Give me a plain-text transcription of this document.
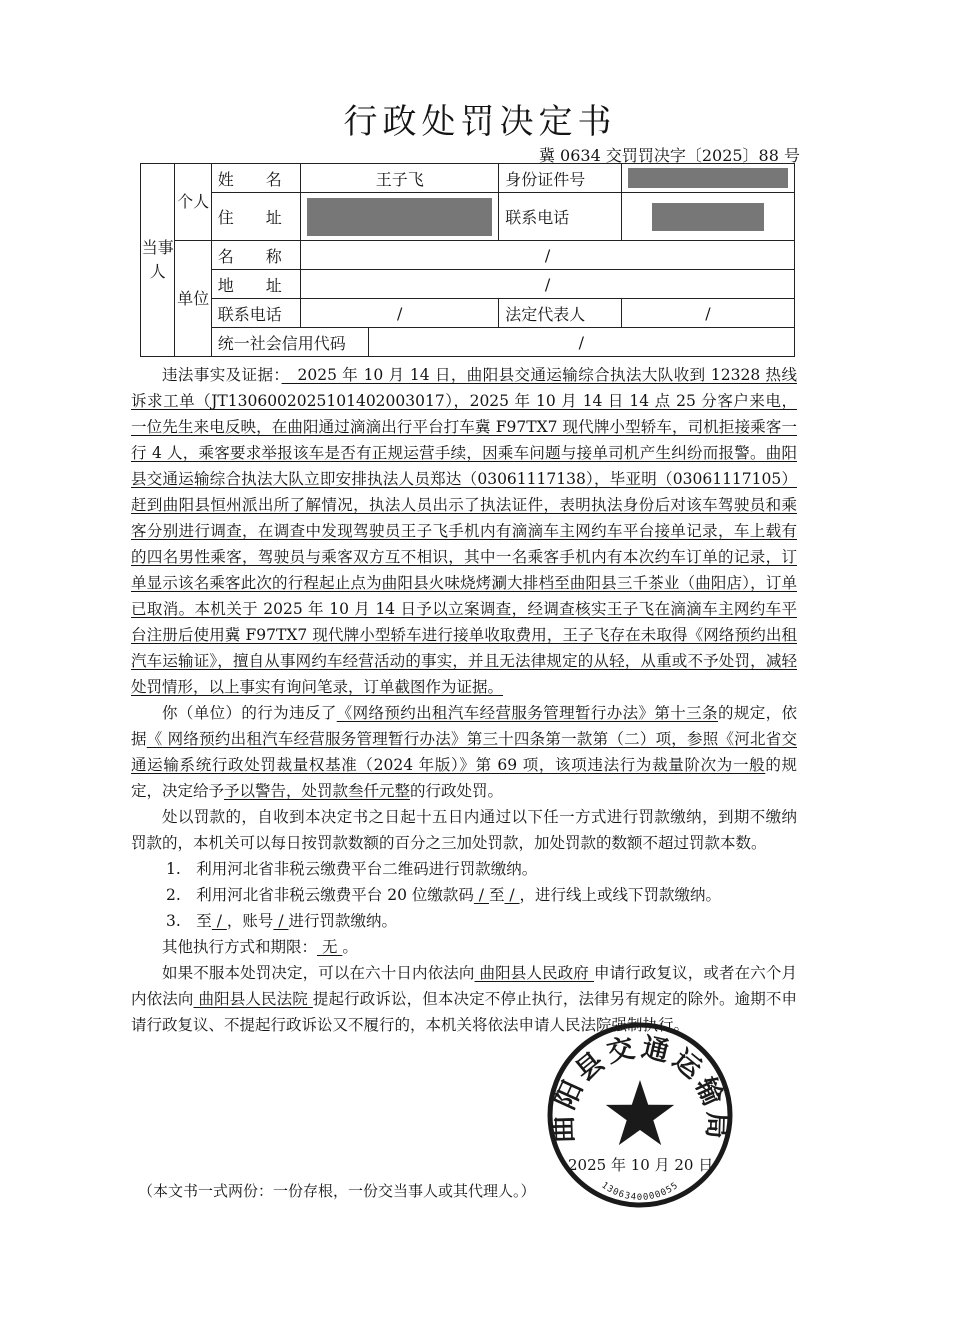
行政处罚决定书
冀 0634 交罚罚决字〔2025〕88 号
当事人	个人	姓　　名	王子飞		身份证件号	
		住　　址			联系电话	
	单位	名　　称	/			
		地　　址	/			
		联系电话	/		法定代表人	/
		统一社会信用代码		/		

违法事实及证据：　2025 年 10 月 14 日，曲阳县交通运输综合执法大队收到 12328 热线诉求工单（JT1306002025101402003017），2025 年 10 月 14 日 14 点 25 分客户来电，一位先生来电反映，在曲阳通过滴滴出行平台打车冀 F97TX7 现代牌小型轿车，司机拒接乘客一行 4 人，乘客要求举报该车是否有正规运营手续，因乘车问题与接单司机产生纠纷而报警。曲阳县交通运输综合执法大队立即安排执法人员郑达（03061117138），毕亚明（03061117105）赶到曲阳县恒州派出所了解情况，执法人员出示了执法证件，表明执法身份后对该车驾驶员和乘客分别进行调查，在调查中发现驾驶员王子飞手机内有滴滴车主网约车平台接单记录，车上载有的四名男性乘客，驾驶员与乘客双方互不相识，其中一名乘客手机内有本次约车订单的记录，订单显示该名乘客此次的行程起止点为曲阳县火味烧烤涮大排档至曲阳县三千茶业（曲阳店），订单已取消。本机关于 2025 年 10 月 14 日予以立案调查，经调查核实王子飞在滴滴车主网约车平台注册后使用冀 F97TX7 现代牌小型轿车进行接单收取费用，王子飞存在未取得《网络预约出租汽车运输证》，擅自从事网约车经营活动的事实，并且无法律规定的从轻，从重或不予处罚，减轻处罚情形，以上事实有询问笔录，订单截图作为证据。

你（单位）的行为违反了《网络预约出租汽车经营服务管理暂行办法》第十三条的规定，依据《 网络预约出租汽车经营服务管理暂行办法》第三十四条第一款第（二）项，参照《河北省交通运输系统行政处罚裁量权基准（2024 年版）》第 69 项，该项违法行为裁量阶次为一般的规定，决定给予予以警告，处罚款叁仟元整的行政处罚。

处以罚款的，自收到本决定书之日起十五日内通过以下任一方式进行罚款缴纳，到期不缴纳罚款的，本机关可以每日按罚款数额的百分之三加处罚款，加处罚款的数额不超过罚款本数。

1.　利用河北省非税云缴费平台二维码进行罚款缴纳。

2.　利用河北省非税云缴费平台 20 位缴款码 / 至 / ，进行线上或线下罚款缴纳。

3.　至 / ，账号 / 进行罚款缴纳。

其他执行方式和期限： 无 。

如果不服本处罚决定，可以在六十日内依法向 曲阳县人民政府 申请行政复议，或者在六个月内依法向 曲阳县人民法院 提起行政诉讼，但本决定不停止执行，法律另有规定的除外。逾期不申请行政复议、不提起行政诉讼又不履行的，本机关将依法申请人民法院强制执行。

曲阳县交通运输局
1306340000055
2025 年 10 月 20 日
（本文书一式两份：一份存根，一份交当事人或其代理人。）
